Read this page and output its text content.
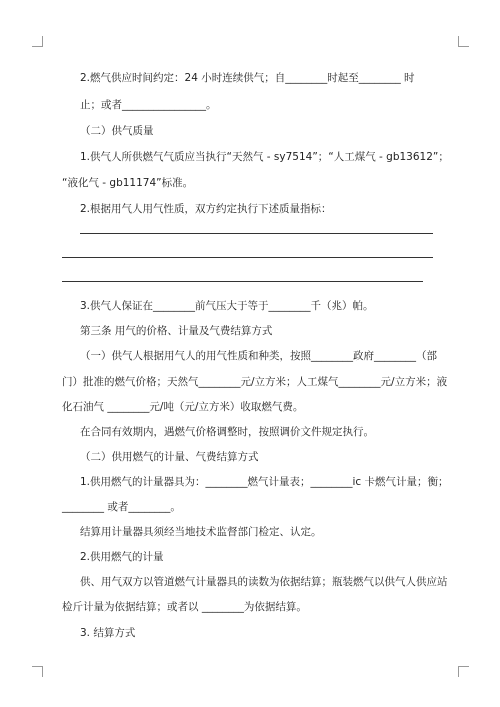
2.燃气供应时间约定：24 小时连续供气；自________时起至________ 时
止；或者________________。
（二）供气质量
1.供气人所供燃气气质应当执行“天然气 - sy7514”；“人工煤气 - gb13612”；
“液化气 - gb11174”标准。
2.根据用气人用气性质，双方约定执行下述质量指标：
3.供气人保证在________前气压大于等于________千（兆）帕。
第三条 用气的价格、计量及气费结算方式
（一）供气人根据用气人的用气性质和种类，按照________政府________（部
门）批准的燃气价格；天然气________元/立方米；人工煤气________元/立方米；液
化石油气 ________元/吨（元/立方米）收取燃气费。
在合同有效期内，遇燃气价格调整时，按照调价文件规定执行。
（二）供用燃气的计量、气费结算方式
1.供用燃气的计量器具为：________燃气计量表；________ic 卡燃气计量；衡；
________ 或者________。
结算用计量器具须经当地技术监督部门检定、认定。
2.供用燃气的计量
供、用气双方以管道燃气计量器具的读数为依据结算；瓶装燃气以供气人供应站
检斤计量为依据结算；或者以 ________为依据结算。
3. 结算方式
